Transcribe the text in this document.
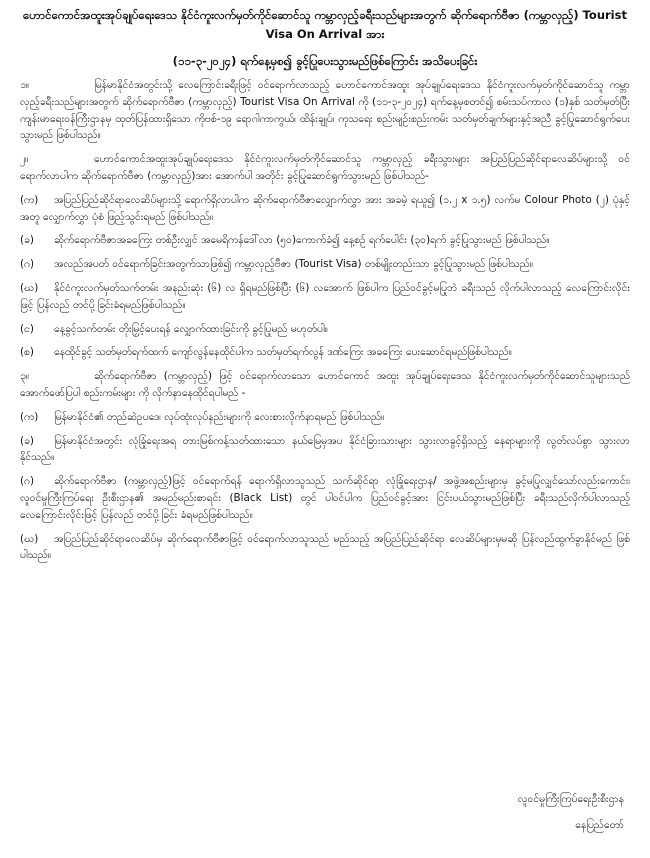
ဟောင်ကောင်အထူးအုပ်ချုပ်ရေးဒေသ နိုင်ငံကူးလက်မှတ်ကိုင်ဆောင်သူ ကမ္ဘာလှည့်ခရီးသည်များအတွက် ဆိုက်ရောက်ဗီဇာ (ကမ္ဘာလှည့်) Tourist Visa On Arrival အား

(၁၁-၃-၂၀၂၄) ရက်နေ့မှစ၍ ခွင့်ပြုပေးသွားမည်ဖြစ်ကြောင်း အသိပေးခြင်း

၁။	မြန်မာနိုင်ငံအတွင်းသို့ လေကြောင်းခရီးဖြင့် ဝင်ရောက်လာသည့် ဟောင်ကောင်အထူး အုပ်ချုပ်ရေးဒေသ နိုင်ငံကူးလက်မှတ်ကိုင်ဆောင်သူ ကမ္ဘာလှည့်ခရီးသည်များအတွက် ဆိုက်ရောက်ဗီဇာ (ကမ္ဘာလှည့်) Tourist Visa On Arrival ကို (၁၁-၃-၂၀၂၄) ရက်နေ့မှစတင်၍ စမ်းသပ်ကာလ (၁)နှစ် သတ်မှတ်ပြီး ကျန်းမာရေးဝန်ကြီးဌာနမှ ထုတ်ပြန်ထားရှိသော ကိုဗစ်-၁၉ ရောဂါကာကွယ်၊ ထိန်းချုပ်၊ ကုသရေး စည်းမျဉ်းစည်းကမ်း သတ်မှတ်ချက်များနှင့်အညီ ခွင့်ပြုဆောင်ရွက်ပေးသွားမည် ဖြစ်ပါသည်။

၂။	ဟောင်ကောင်အထူးအုပ်ချုပ်ရေးဒေသ နိုင်ငံကူးလက်မှတ်ကိုင်ဆောင်သူ ကမ္ဘာလှည့် ခရီးသွားများ အပြည်ပြည်ဆိုင်ရာလေဆိပ်များသို့ ဝင်ရောက်လာပါက ဆိုက်ရောက်ဗီဇာ (ကမ္ဘာလှည့်)အား အောက်ပါ အတိုင်း ခွင့်ပြုဆောင်ရွက်သွားမည် ဖြစ်ပါသည်-

(က) အပြည်ပြည်ဆိုင်ရာလေဆိပ်များသို့ ရောက်ရှိလာပါက ဆိုက်ရောက်ဗီဇာလျှောက်လွှာ အား အခမဲ့ ရယူ၍ (၁.၂ x ၁.၅) လက်မ Colour Photo (၂) ပုံနှင့်အတူ လျှောက်လွှာ ပုံစံ ဖြည့်သွင်းရမည် ဖြစ်ပါသည်။

(ခ) ဆိုက်ရောက်ဗီဇာအခကြေး တစ်ဦးလျှင် အမေရိကန်ဒေါ်လာ (၅၀)ကောက်ခံ၍ နေ့စဉ် ရက်ပေါင်း (၃၀)ရက် ခွင့်ပြုသွားမည် ဖြစ်ပါသည်။

(ဂ) အလည်အပတ် ဝင်ရောက်ခြင်းအတွက်သာဖြစ်၍ ကမ္ဘာလှည့်ဗီဇာ (Tourist Visa) တစ်မျိုးတည်းသာ ခွင့်ပြုသွားမည် ဖြစ်ပါသည်။

(ဃ) နိုင်ငံကူးလက်မှတ်သက်တမ်း အနည်းဆုံး (၆) လ ရှိရမည်ဖြစ်ပြီး (၆) လအောက် ဖြစ်ပါက ပြည်ဝင်ခွင့်မပြုဘဲ ခရီးသည် လိုက်ပါလာသည့် လေကြောင်းလိုင်းဖြင့် ပြန်လည် တင်ပို့ခြင်းခံရမည်ဖြစ်ပါသည်။

(င) နေ့ခွင့်သက်တမ်း တိုးမြှင့်ပေးရန် လျှောက်ထားခြင်းကို ခွင့်ပြုမည် မဟုတ်ပါ။

(စ) နေထိုင်ခွင့် သတ်မှတ်ရက်ထက် ကျော်လွန်နေထိုင်ပါက သတ်မှတ်ရက်လွန် ဒဏ်ကြေး အခကြေး ပေးဆောင်ရမည်ဖြစ်ပါသည်။

၃။	ဆိုက်ရောက်ဗီဇာ (ကမ္ဘာလှည့်) ဖြင့် ဝင်ရောက်လာသော ဟောင်ကောင် အထူး အုပ်ချုပ်ရေးဒေသ နိုင်ငံကူးလက်မှတ်ကိုင်ဆောင်သူများသည် အောက်ဖော်ပြပါ စည်းကမ်းများ ကို လိုက်နာနေထိုင်ရပါမည် -

(က) မြန်မာနိုင်ငံ၏ တည်ဆဲဥပဒေ၊ လုပ်ထုံးလုပ်နည်းများကို လေးစားလိုက်နာရမည် ဖြစ်ပါသည်။

(ခ) မြန်မာနိုင်ငံအတွင်း လုံခြုံရေးအရ တားမြစ်ကန့်သတ်ထားသော နယ်မြေမှအပ နိုင်ငံခြားသားများ သွားလာခွင့်ရှိသည့် နေရာများကို လွတ်လပ်စွာ သွားလာနိုင်သည်။

(ဂ) ဆိုက်ရောက်ဗီဇာ (ကမ္ဘာလှည့်)ဖြင့် ဝင်ရောက်ရန် ရောက်ရှိလာသူသည် သက်ဆိုင်ရာ လုံခြုံရေးဌာန/ အဖွဲ့အစည်းများမှ ခွင့်မပြုလျှင်သော်လည်းကောင်း၊ လူဝင်မှုကြီးကြပ်ရေး ဦးစီးဌာန၏ အမည်မည်းစာရင်း (Black List) တွင် ပါဝင်ပါက ပြည်ဝင်ခွင့်အား ငြင်းပယ်သွားမည်ဖြစ်ပြီး ခရီးသည်လိုက်ပါလာသည့် လေကြောင်းလိုင်းဖြင့် ပြန်လည် တင်ပို့ခြင်း ခံရမည်ဖြစ်ပါသည်။

(ဃ) အပြည်ပြည်ဆိုင်ရာလေဆိပ်မှ ဆိုက်ရောက်ဗီဇာဖြင့် ဝင်ရောက်လာသူသည် မည်သည့် အပြည်ပြည်ဆိုင်ရာ လေဆိပ်များမှမဆို ပြန်လည်ထွက်ခွာနိုင်မည် ဖြစ်ပါသည်။

လူဝင်မှုကြီးကြပ်ရေးဦးစီးဌာန

နေပြည်တော်
